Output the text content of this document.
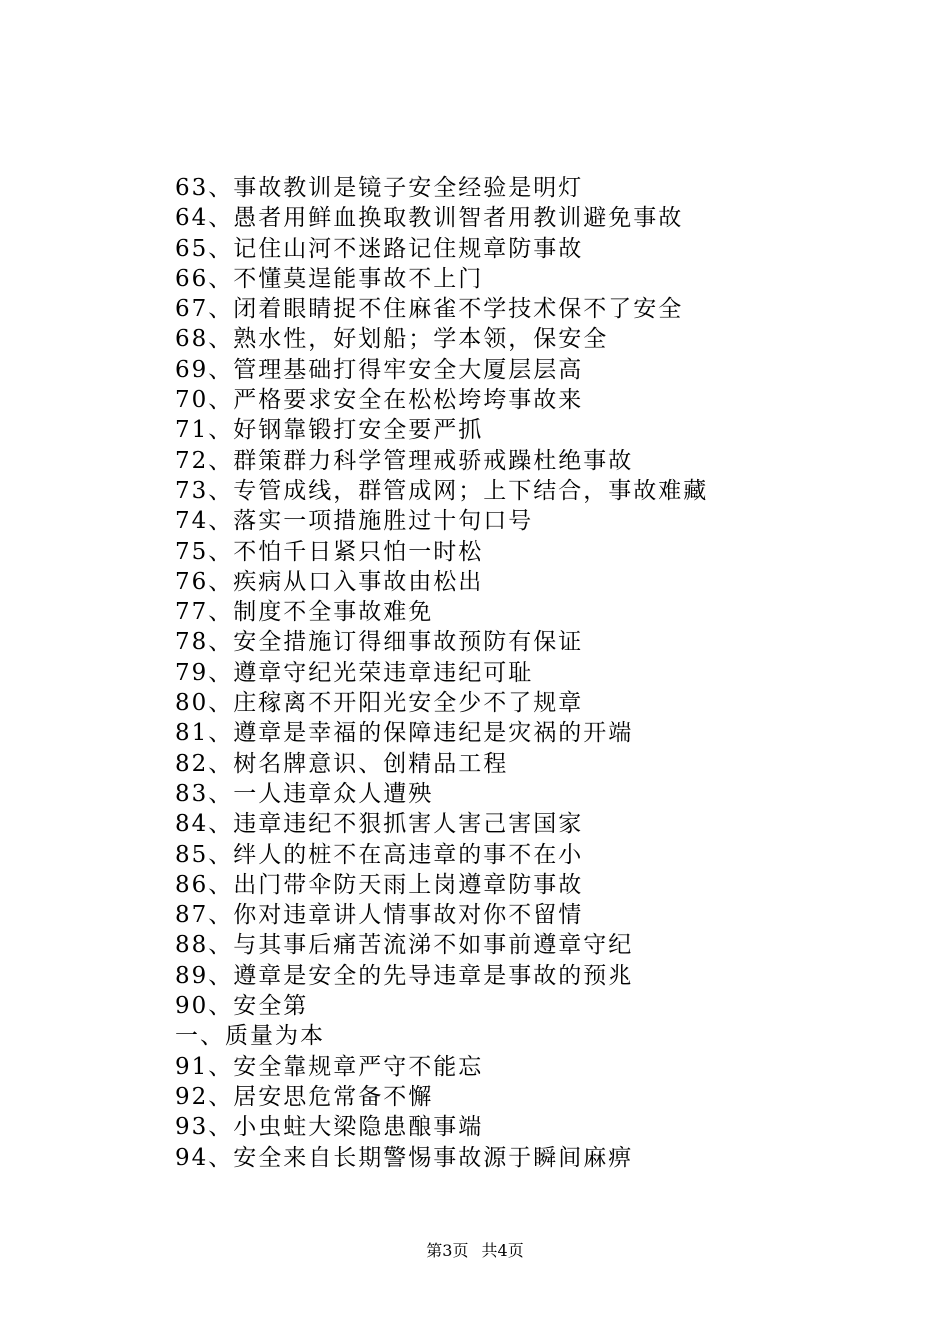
63、事故教训是镜子安全经验是明灯
64、愚者用鲜血换取教训智者用教训避免事故
65、记住山河不迷路记住规章防事故
66、不懂莫逞能事故不上门
67、闭着眼睛捉不住麻雀不学技术保不了安全
68、熟水性，好划船；学本领，保安全
69、管理基础打得牢安全大厦层层高
70、严格要求安全在松松垮垮事故来
71、好钢靠锻打安全要严抓
72、群策群力科学管理戒骄戒躁杜绝事故
73、专管成线，群管成网；上下结合，事故难藏
74、落实一项措施胜过十句口号
75、不怕千日紧只怕一时松
76、疾病从口入事故由松出
77、制度不全事故难免
78、安全措施订得细事故预防有保证
79、遵章守纪光荣违章违纪可耻
80、庄稼离不开阳光安全少不了规章
81、遵章是幸福的保障违纪是灾祸的开端
82、树名牌意识、创精品工程
83、一人违章众人遭殃
84、违章违纪不狠抓害人害己害国家
85、绊人的桩不在高违章的事不在小
86、出门带伞防天雨上岗遵章防事故
87、你对违章讲人情事故对你不留情
88、与其事后痛苦流涕不如事前遵章守纪
89、遵章是安全的先导违章是事故的预兆
90、安全第
一、质量为本
91、安全靠规章严守不能忘
92、居安思危常备不懈
93、小虫蛀大梁隐患酿事端
94、安全来自长期警惕事故源于瞬间麻痹
第3页 共4页
